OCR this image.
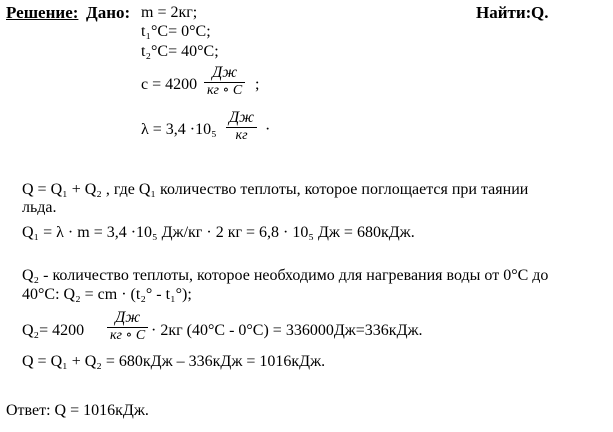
Решение: Дано:	Найти: Q.
m = 2кг;
t₁°C= 0°C;
t₂°C= 40°C;
c = 4200
Дж
кг ∘ C ;
λ = 3,4 ·10₅
Дж
кг	·
Q = Q₁ + Q₂ , где Q₁ количество теплоты, которое поглощается при таянии
льда.
Q₁ = λ · m = 3,4 ·10₅ Дж/кг · 2 кг = 6,8 · 10₅ Дж = 680кДж.
Q₂ - количество теплоты, которое необходимо для нагревания воды от 0°C до
40°C: Q₂ = cm · (t₂° - t₁°);
Q₂= 4200
Дж
кг ∘ C · 2кг (40°C - 0°C) = 336000Дж=336кДж.
Q = Q₁ + Q₂ = 680кДж – 336кДж = 1016кДж.
Ответ: Q = 1016кДж.
